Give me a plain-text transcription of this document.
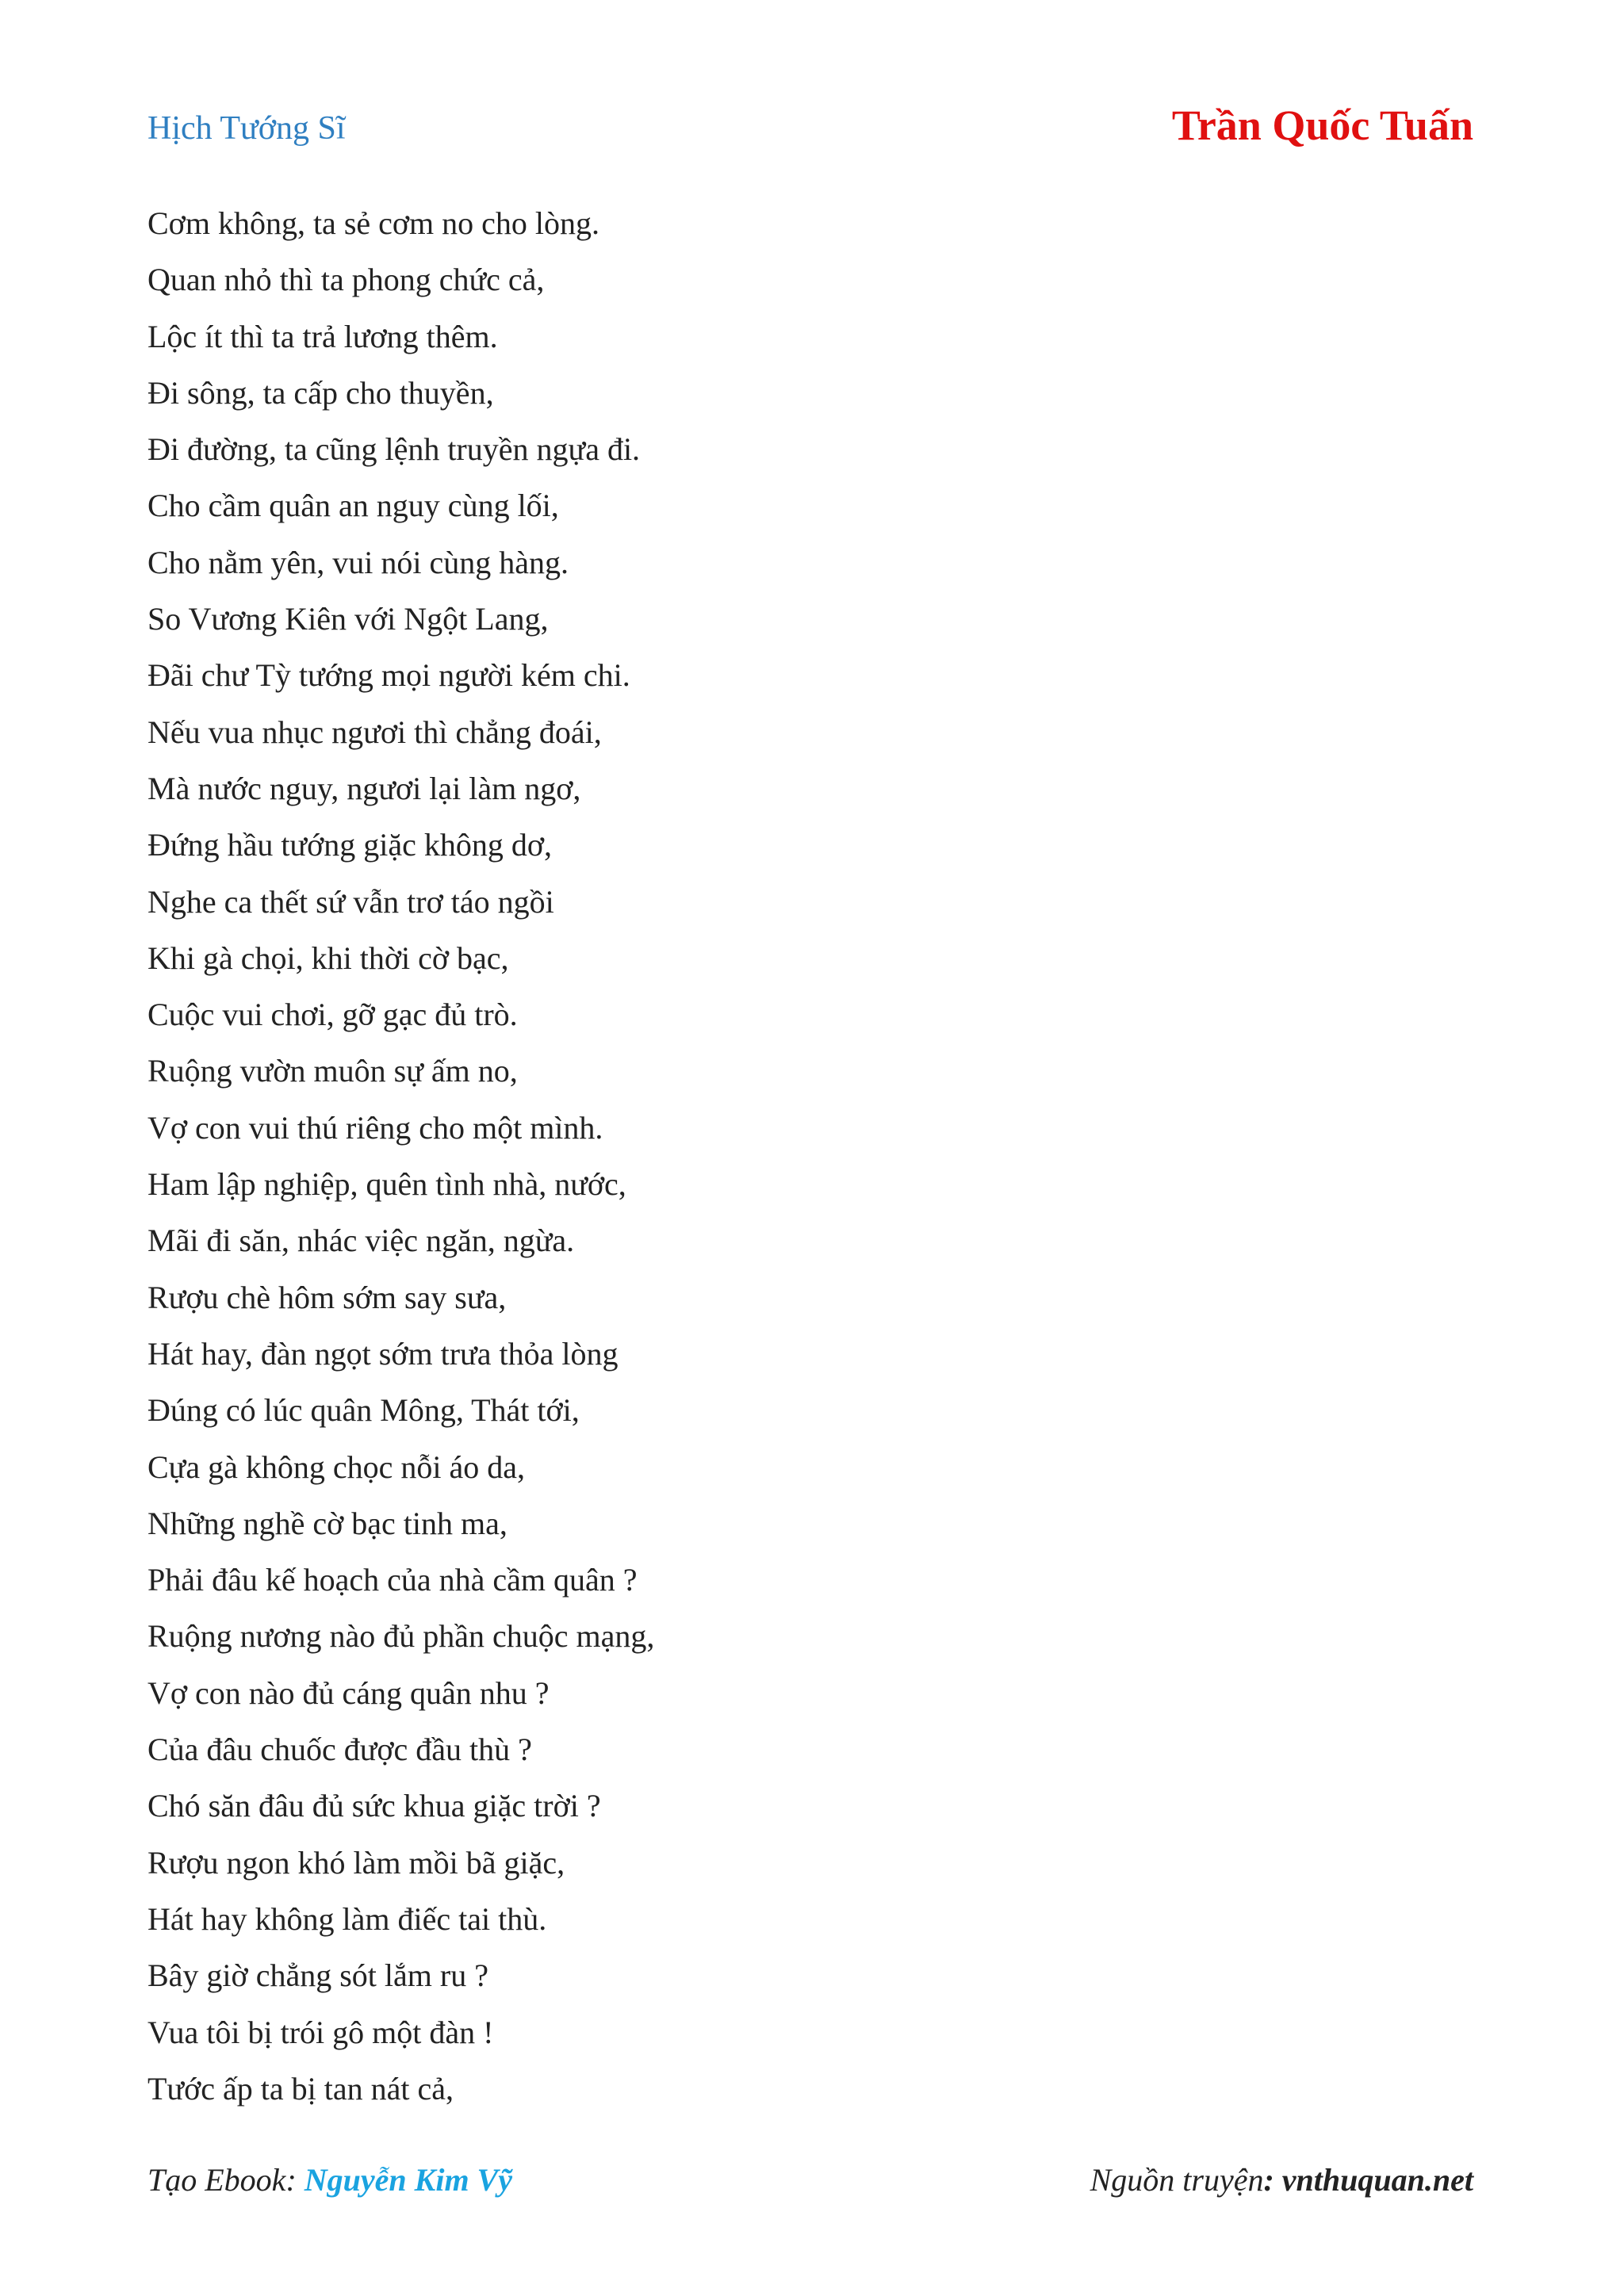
Hịch Tướng Sĩ	Trần Quốc Tuấn
Cơm không, ta sẻ cơm no cho lòng.
Quan nhỏ thì ta phong chức cả,
Lộc ít thì ta trả lương thêm.
Đi sông, ta cấp cho thuyền,
Đi đường, ta cũng lệnh truyền ngựa đi.
Cho cầm quân an nguy cùng lối,
Cho nằm yên, vui nói cùng hàng.
So Vương Kiên với Ngột Lang,
Đãi chư Tỳ tướng mọi người kém chi.
Nếu vua nhục ngươi thì chẳng đoái,
Mà nước nguy, ngươi lại làm ngơ,
Đứng hầu tướng giặc không dơ,
Nghe ca thết sứ vẫn trơ táo ngồi
Khi gà chọi, khi thời cờ bạc,
Cuộc vui chơi, gỡ gạc đủ trò.
Ruộng vườn muôn sự ấm no,
Vợ con vui thú riêng cho một mình.
Ham lập nghiệp, quên tình nhà, nước,
Mãi đi săn, nhác việc ngăn, ngừa.
Rượu chè hôm sớm say sưa,
Hát hay, đàn ngọt sớm trưa thỏa lòng
Đúng có lúc quân Mông, Thát tới,
Cựa gà không chọc nỗi áo da,
Những nghề cờ bạc tinh ma,
Phải đâu kế hoạch của nhà cầm quân ?
Ruộng nương nào đủ phần chuộc mạng,
Vợ con nào đủ cáng quân nhu ?
Của đâu chuốc được đầu thù ?
Chó săn đâu đủ sức khua giặc trời ?
Rượu ngon khó làm mồi bã giặc,
Hát hay không làm điếc tai thù.
Bây giờ chẳng sót lắm ru ?
Vua tôi bị trói gô một đàn !
Tước ấp ta bị tan nát cả,
Tạo Ebook: Nguyễn Kim Vỹ	Nguồn truyện: vnthuquan.net
